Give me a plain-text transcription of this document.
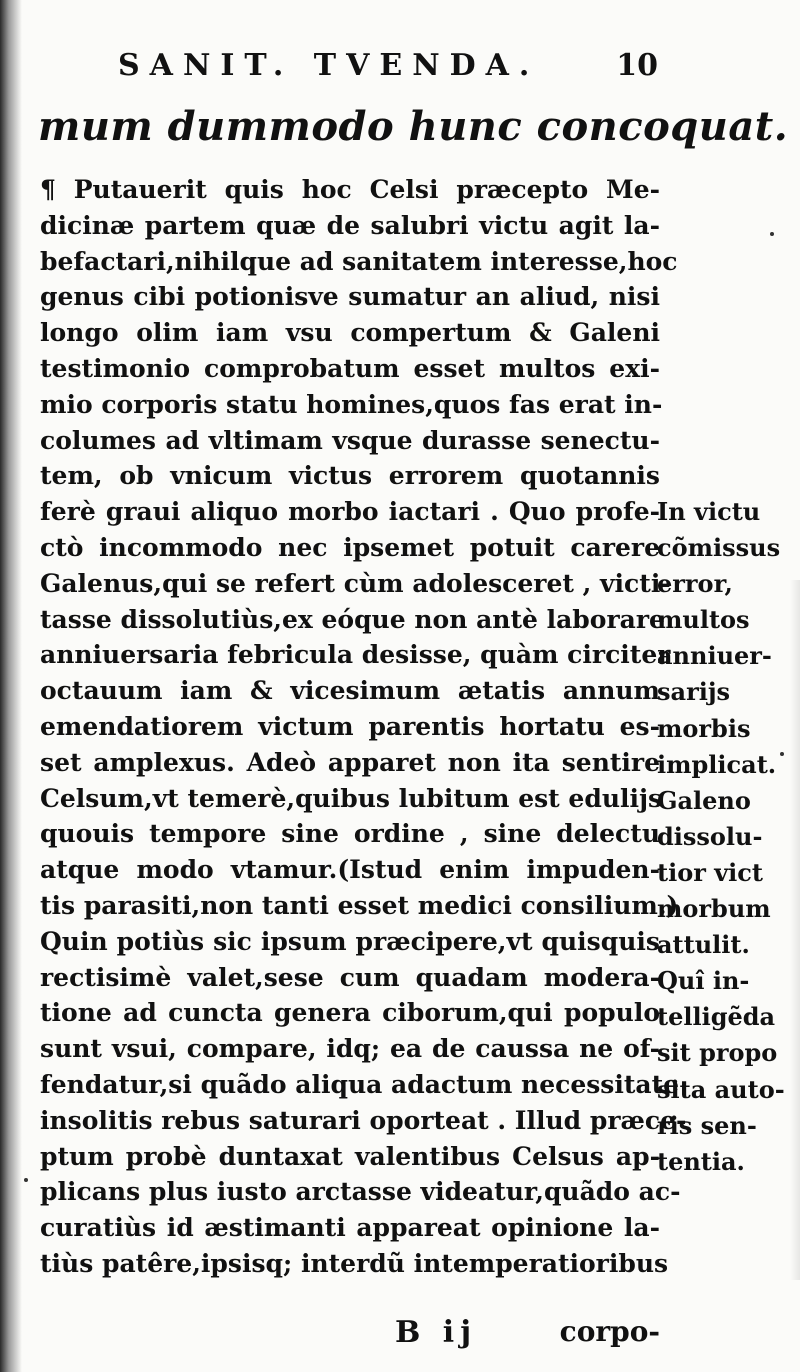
SANIT. TVENDA.	10
mum dummodo hunc concoquat.
¶ Putauerit quis hoc Celsi præcepto Me-
dicinæ partem quæ de salubri victu agit la-
befactari,nihilque ad sanitatem interesse,hoc
genus cibi potionisve sumatur an aliud, nisi
longo olim iam vsu compertum & Galeni
testimonio comprobatum esset multos exi-
mio corporis statu homines,quos fas erat in-
columes ad vltimam vsque durasse senectu-
tem, ob vnicum victus errorem quotannis
ferè graui aliquo morbo iactari . Quo profe-
ctò incommodo nec ipsemet potuit carere
Galenus,qui se refert cùm adolesceret , victi-
tasse dissolutiùs,ex eóque non antè laborare
anniuersaria febricula desisse, quàm circiter
octauum iam & vicesimum ætatis annum
emendatiorem victum parentis hortatu es-
set amplexus. Adeò apparet non ita sentire
Celsum,vt temerè,quibus lubitum est edulijs
quouis tempore sine ordine , sine delectu
atque modo vtamur.(Istud enim impuden-
tis parasiti,non tanti esset medici consilium.)
Quin potiùs sic ipsum præcipere,vt quisquis
rectisimè valet,sese cum quadam modera-
tione ad cuncta genera ciborum,qui populo
sunt vsui, compare, idq; ea de caussa ne of-
fendatur,si quãdo aliqua adactum necessitate
insolitis rebus saturari oporteat . Illud præce-
ptum probè duntaxat valentibus Celsus ap-
plicans plus iusto arctasse videatur,quãdo ac-
curatiùs id æstimanti appareat opinione la-
tiùs patêre,ipsisq; interdũ intemperatioribus
In victu
cõmissus
error,
multos
anniuer-
sarijs
morbis
implicat.
Galeno
dissolu-
tior vict
morbum
attulit.
Quî in-
telligẽda
sit propo
sita auto-
ris sen-
tentia.
B ij	corpo-
